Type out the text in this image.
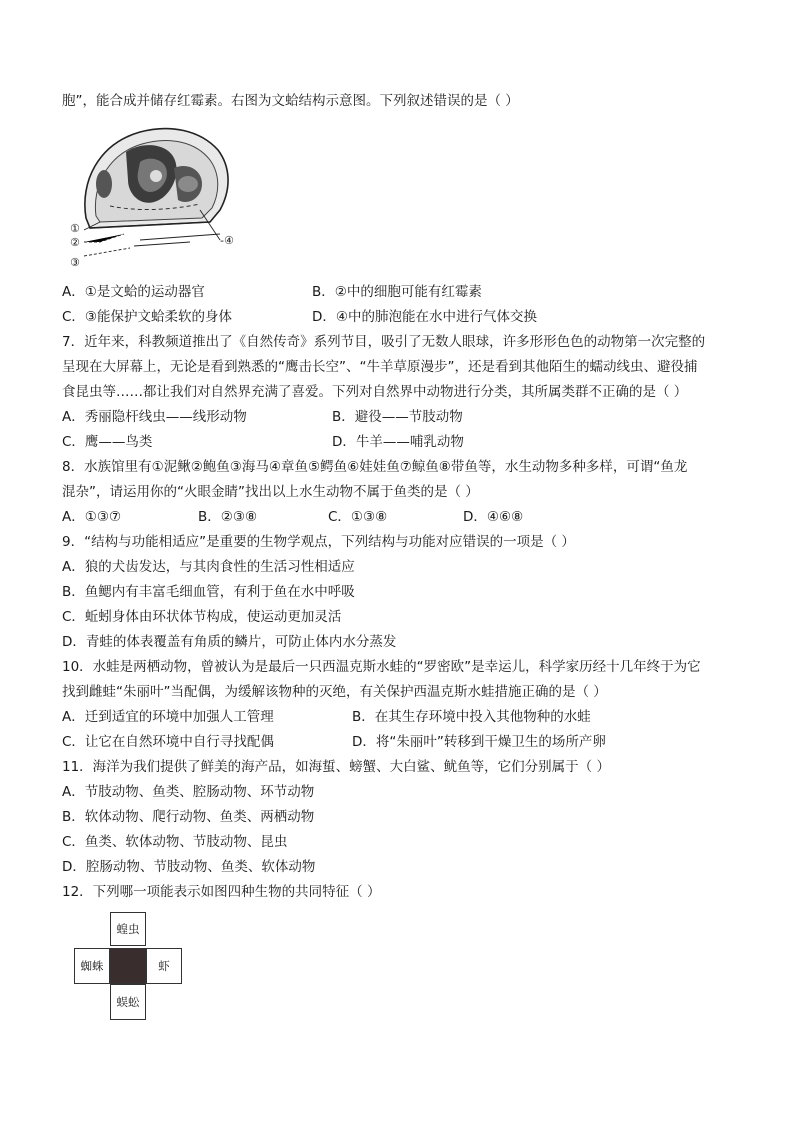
胞”，能合成并储存红霉素。右图为文蛤结构示意图。下列叙述错误的是（ ）
①
②
③
-④
A．①是文蛤的运动器官	B．②中的细胞可能有红霉素
C．③能保护文蛤柔软的身体	D．④中的肺泡能在水中进行气体交换
7．近年来，科教频道推出了《自然传奇》系列节目，吸引了无数人眼球，许多形形色色的动物第一次完整的
呈现在大屏幕上，无论是看到熟悉的“鹰击长空”、“牛羊草原漫步”，还是看到其他陌生的蠕动线虫、避役捕
食昆虫等……都让我们对自然界充满了喜爱。下列对自然界中动物进行分类，其所属类群不正确的是（ ）
A．秀丽隐杆线虫——线形动物	B．避役——节肢动物
C．鹰——鸟类	D．牛羊——哺乳动物
8．水族馆里有①泥鳅②鲍鱼③海马④章鱼⑤鳄鱼⑥娃娃鱼⑦鲸鱼⑧带鱼等，水生动物多种多样，可谓“鱼龙
混杂”，请运用你的“火眼金睛”找出以上水生动物不属于鱼类的是（ ）
A．①③⑦	B．②③⑧	C．①③⑧	D．④⑥⑧
9．“结构与功能相适应”是重要的生物学观点，下列结构与功能对应错误的一项是（ ）
A．狼的犬齿发达，与其肉食性的生活习性相适应
B．鱼鳃内有丰富毛细血管，有利于鱼在水中呼吸
C．蚯蚓身体由环状体节构成，使运动更加灵活
D．青蛙的体表覆盖有角质的鳞片，可防止体内水分蒸发
10．水蛙是两栖动物，曾被认为是最后一只西温克斯水蛙的“罗密欧”是幸运儿，科学家历经十几年终于为它
找到雌蛙“朱丽叶”当配偶，为缓解该物种的灭绝，有关保护西温克斯水蛙措施正确的是（ ）
A．迁到适宜的环境中加强人工管理	B．在其生存环境中投入其他物种的水蛙
C．让它在自然环境中自行寻找配偶	D．将“朱丽叶”转移到干燥卫生的场所产卵
11．海洋为我们提供了鲜美的海产品，如海蜇、螃蟹、大白鲨、鱿鱼等，它们分别属于（ ）
A．节肢动物、鱼类、腔肠动物、环节动物
B．软体动物、爬行动物、鱼类、两栖动物
C．鱼类、软体动物、节肢动物、昆虫
D．腔肠动物、节肢动物、鱼类、软体动物
12．下列哪一项能表示如图四种生物的共同特征（ ）
蝗虫
蜘蛛	虾
蜈蚣
